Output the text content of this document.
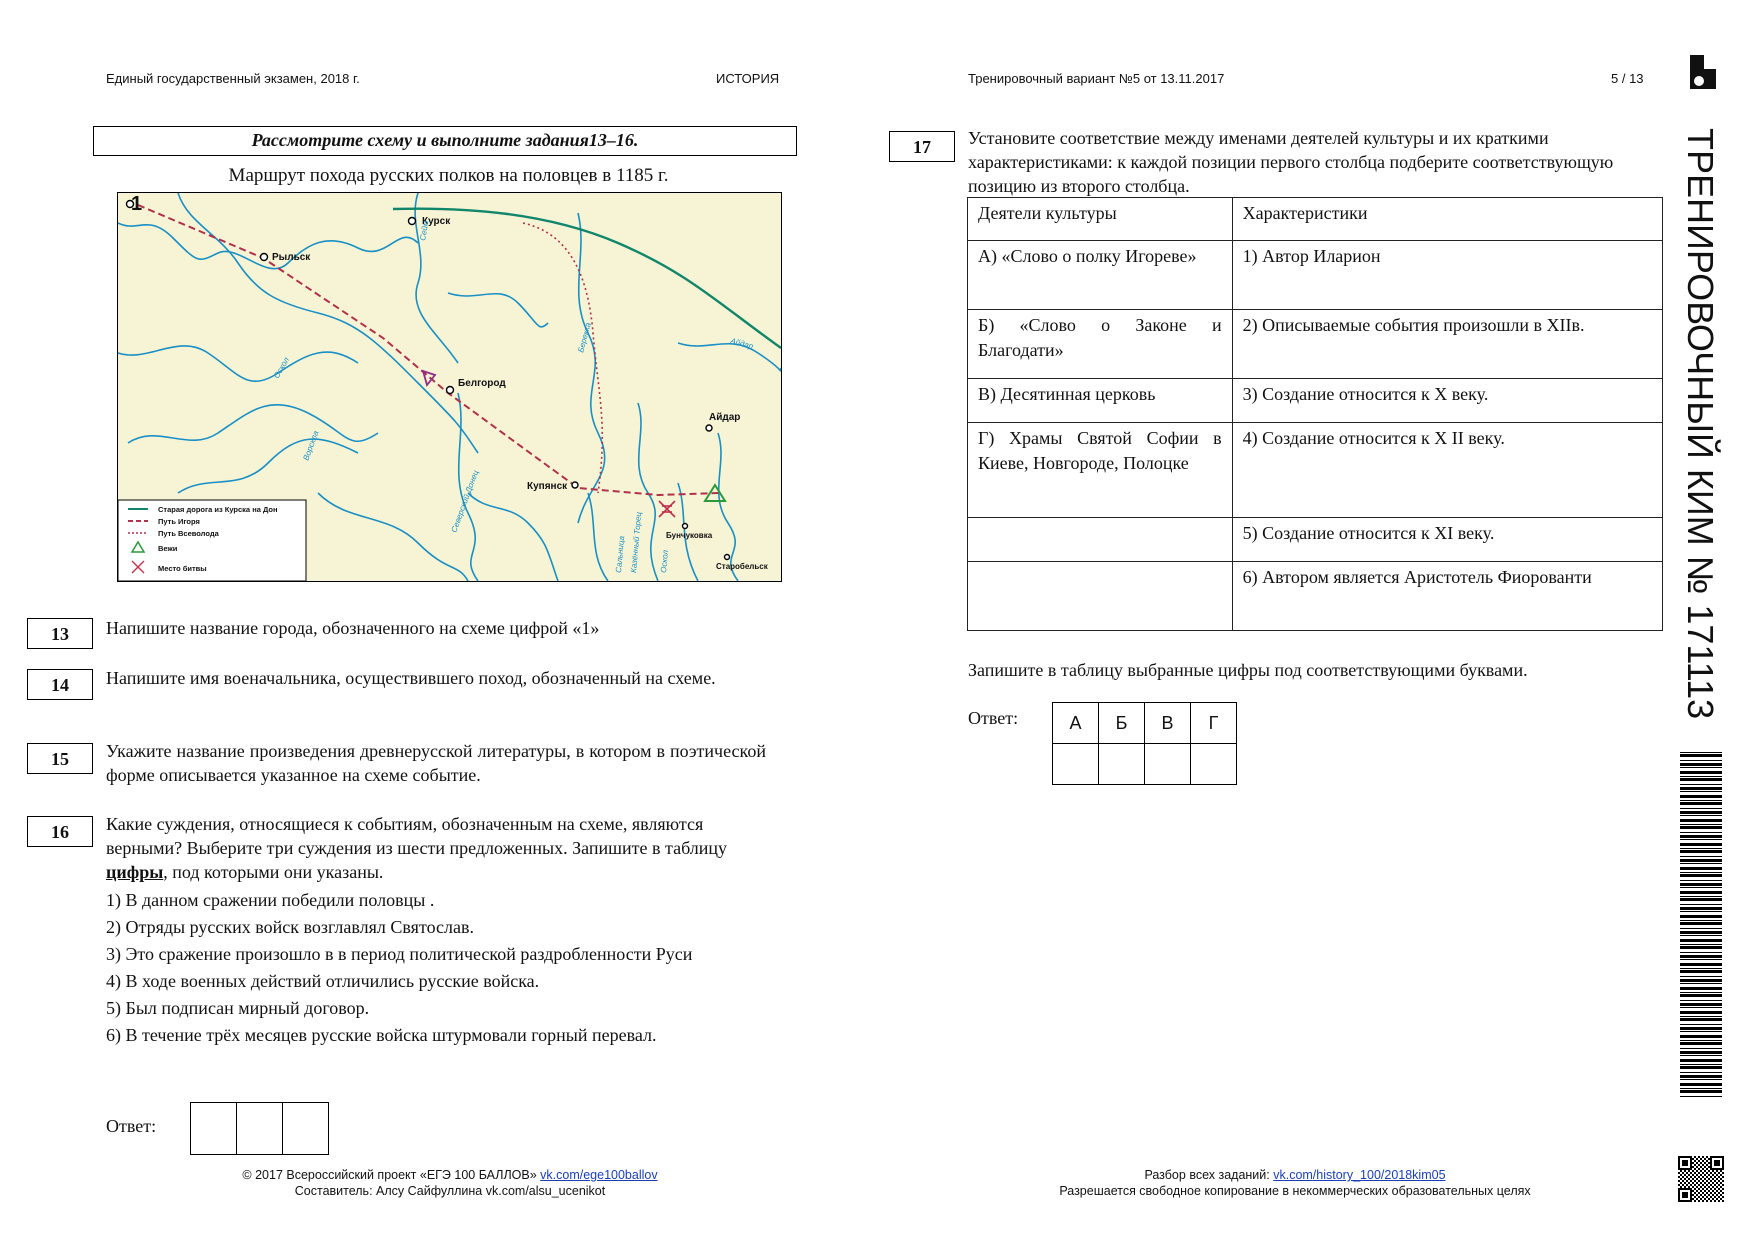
Единый государственный экзамен, 2018 г.	ИСТОРИЯ	Тренировочный вариант №5 от 13.11.2017	5 / 13
Рассмотрите схему и выполните задания13–16.
Маршрут похода русских полков на половцев в 1185 г.
1
Курск
Рыльск
Белгород
Айдар
Купянск
Бунчуковка
Старобельск
Сейм
Оскол
Ворскла
Северский Донец
Сальница Казённый Торец Оскол
Айдар
Берекка
Старая дорога из Курска на Дон
Путь Игоря
Путь Всеволода
Вежи
Место битвы
13	Напишите название города, обозначенного на схеме цифрой «1»
14	Напишите имя военачальника, осуществившего поход, обозначенный на схеме.
15	Укажите название произведения древнерусской литературы, в котором в поэтической форме описывается указанное на схеме событие.
16	Какие суждения, относящиеся к событиям, обозначенным на схеме, являются верными? Выберите три суждения из шести предложенных. Запишите в таблицу цифры, под которыми они указаны.
1) В данном сражении победили половцы .
2) Отряды русских войск возглавлял Святослав.
3) Это сражение произошло в в период политической раздробленности Руси
4) В ходе военных действий отличились русские войска.
5) Был подписан мирный договор.
6) В течение трёх месяцев русские войска штурмовали горный перевал.
Ответ:

17	Установите соответствие между именами деятелей культуры и их краткими характеристиками: к каждой позиции первого столбца подберите соответствующую позицию из второго столбца.
Деятели культуры	Характеристики
А) «Слово о полку Игореве»	1) Автор Иларион
Б) «Слово о Законе и Благодати»	2) Описываемые события произошли в XIIв.
В) Десятинная церковь	3) Создание относится к X веку.
Г) Храмы Святой Софии в Киеве, Новгороде, Полоцке	4) Создание относится к X II веку.
	5) Создание относится к XI веку.
	6) Автором является Аристотель Фиорованти
Запишите в таблицу выбранные цифры под соответствующими буквами.
Ответ:	А	Б	В	Г

ТРЕНИРОВОЧНЫЙ КИМ № 171113
© 2017 Всероссийский проект «ЕГЭ 100 БАЛЛОВ» vk.com/ege100ballov
Составитель: Алсу Сайфуллина vk.com/alsu_ucenikot
Разбор всех заданий: vk.com/history_100/2018kim05
Разрешается свободное копирование в некоммерческих образовательных целях
